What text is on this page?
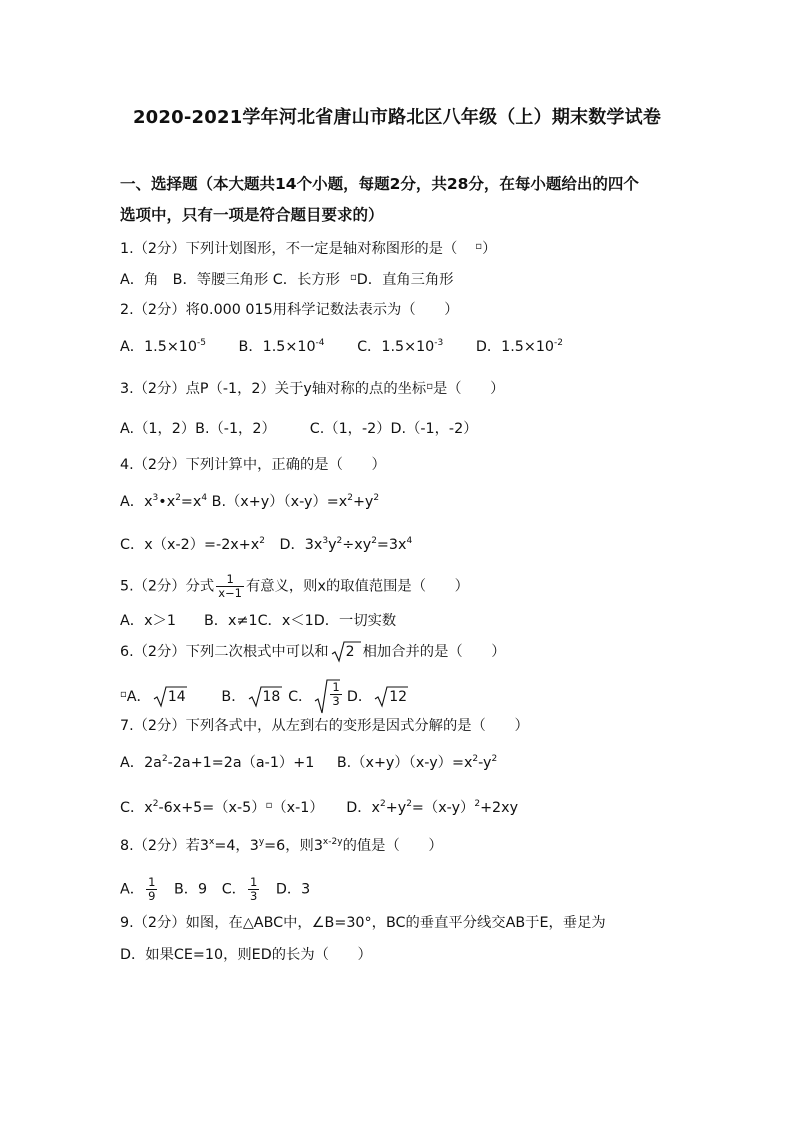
2020-2021学年河北省唐山市路北区八年级（上）期末数学试卷
一、选择题（本大题共14个小题，每题2分，共28分，在每小题给出的四个
选项中，只有一项是符合题目要求的）
1.（2分）下列计划图形，不一定是轴对称图形的是（ ▫）
A．角　B．等腰三角形 C．长方形 ▫D．直角三角形
2.（2分）将0.000 015用科学记数法表示为（　　）
A．$1.5\times 10^{-5}$ B．$1.5\times 10^{-4}$ C．$1.5\times 10^{-3}$ D．$1.5\times 10^{-2}$
3.（2分）点P（-1，2）关于y轴对称的点的坐标▫是（　　）
A.（1，2）B.（-1，2） C.（1，-2）D.（-1，-2）
4.（2分）下列计算中，正确的是（　　）
A．$x^3•x^2=x^4$ $B.(x+y)(x-y)=x^2+y^2$
C．$x(x-2)=-2x+x^2$ D．$3x^3y^2\div xy^2=3x^4$
5.（2分）分式 $\frac{1}{x-1}$ 有意义，则x的取值范围是（　　）
A．x＞1 B．x≠1C．x＜1D．一切实数
6.（2分）下列二次根式中可以和 2 相加合并的是（　　）
▫A． 14 B． 18 C． $\frac{1}{3}$ D． 12
7.（2分）下列各式中，从左到右的变形是因式分解的是（　　）
A．$2a^2-2a+1=2a(a-1)+1$ $B.(x+y)(x-y)=x^2-y^2$
C．$x^2-6x+5=(x-5)^▫(x-1)$ D．$x^2+y^2=(x-y)^2+2xy$
8.（2分）若$3^x=4$，$3^y=6$，则$3^{x-2y}$的值是（　　）
A． $\frac{1}{9}$ B．9 C． $\frac{1}{3}$ D．3
9.（2分）如图，在△ABC中，∠B=30°，BC的垂直平分线交AB于E，垂足为
D．如果CE=10，则ED的长为（　　）
